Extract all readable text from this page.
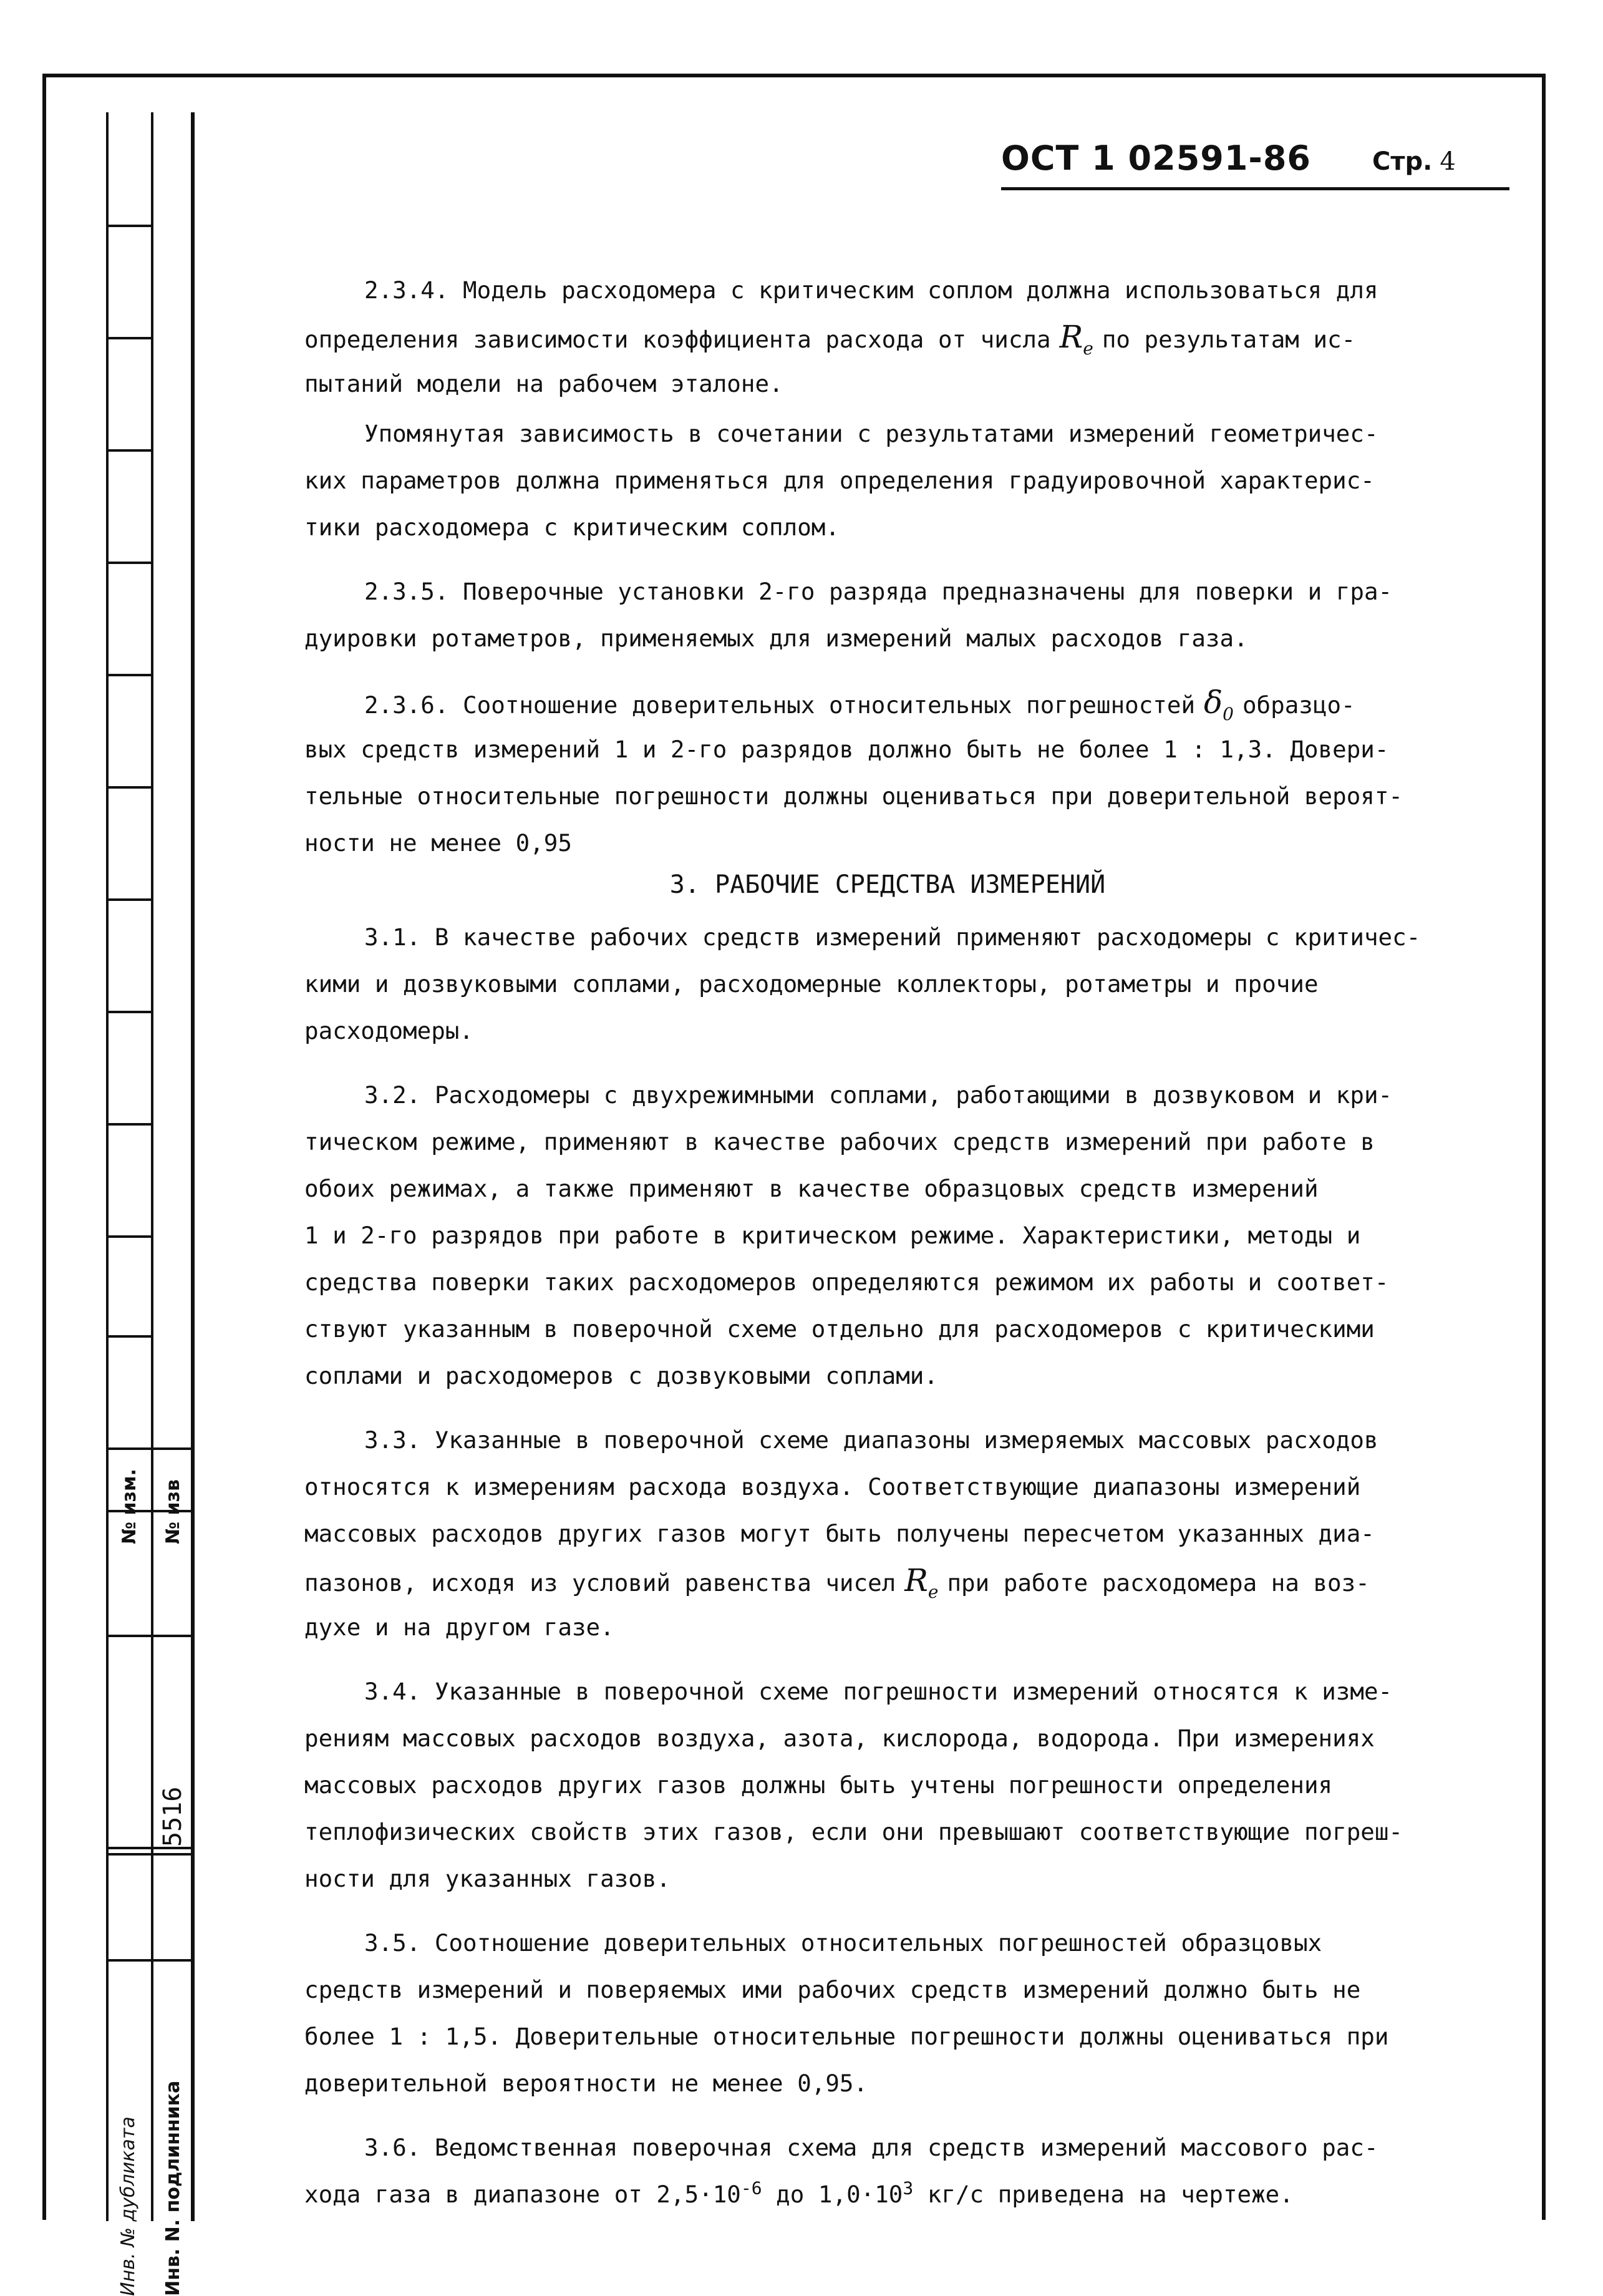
№ изм. № изв
5516
Инв. № дубликата Инв. N. подлинника
ОСТ 1 02591-86 Стр. 4
2.3.4. Модель расходомера с критическим соплом должна использоваться для
определения зависимости коэффициента расхода от числа $R_e$ по результатам ис-
пытаний модели на рабочем эталоне.
Упомянутая зависимость в сочетании с результатами измерений геометричес-
ких параметров должна применяться для определения градуировочной характерис-
тики расходомера с критическим соплом.
2.3.5. Поверочные установки 2-го разряда предназначены для поверки и гра-
дуировки ротаметров, применяемых для измерений малых расходов газа.
2.3.6. Соотношение доверительных относительных погрешностей $\delta_0$ образцо-
вых средств измерений 1 и 2-го разрядов должно быть не более 1 : 1,3. Довери-
тельные относительные погрешности должны оцениваться при доверительной вероят-
ности не менее 0,95
3. РАБОЧИЕ СРЕДСТВА ИЗМЕРЕНИЙ
3.1. В качестве рабочих средств измерений применяют расходомеры с критичес-
кими и дозвуковыми соплами, расходомерные коллекторы, ротаметры и прочие
расходомеры.
3.2. Расходомеры с двухрежимными соплами, работающими в дозвуковом и кри-
тическом режиме, применяют в качестве рабочих средств измерений при работе в
обоих режимах, а также применяют в качестве образцовых средств измерений
1 и 2-го разрядов при работе в критическом режиме. Характеристики, методы и
средства поверки таких расходомеров определяются режимом их работы и соответ-
ствуют указанным в поверочной схеме отдельно для расходомеров с критическими
соплами и расходомеров с дозвуковыми соплами.
3.3. Указанные в поверочной схеме диапазоны измеряемых массовых расходов
относятся к измерениям расхода воздуха. Соответствующие диапазоны измерений
массовых расходов других газов могут быть получены пересчетом указанных диа-
пазонов, исходя из условий равенства чисел $R_e$ при работе расходомера на воз-
духе и на другом газе.
3.4. Указанные в поверочной схеме погрешности измерений относятся к изме-
рениям массовых расходов воздуха, азота, кислорода, водорода. При измерениях
массовых расходов других газов должны быть учтены погрешности определения
теплофизических свойств этих газов, если они превышают соответствующие погреш-
ности для указанных газов.
3.5. Соотношение доверительных относительных погрешностей образцовых
средств измерений и поверяемых ими рабочих средств измерений должно быть не
более 1 : 1,5. Доверительные относительные погрешности должны оцениваться при
доверительной вероятности не менее 0,95.
3.6. Ведомственная поверочная схема для средств измерений массового рас-
хода газа в диапазоне от $2,5\cdot 10^{-6}$ до $1,0\cdot 10^3$ кг/с приведена на чертеже.
